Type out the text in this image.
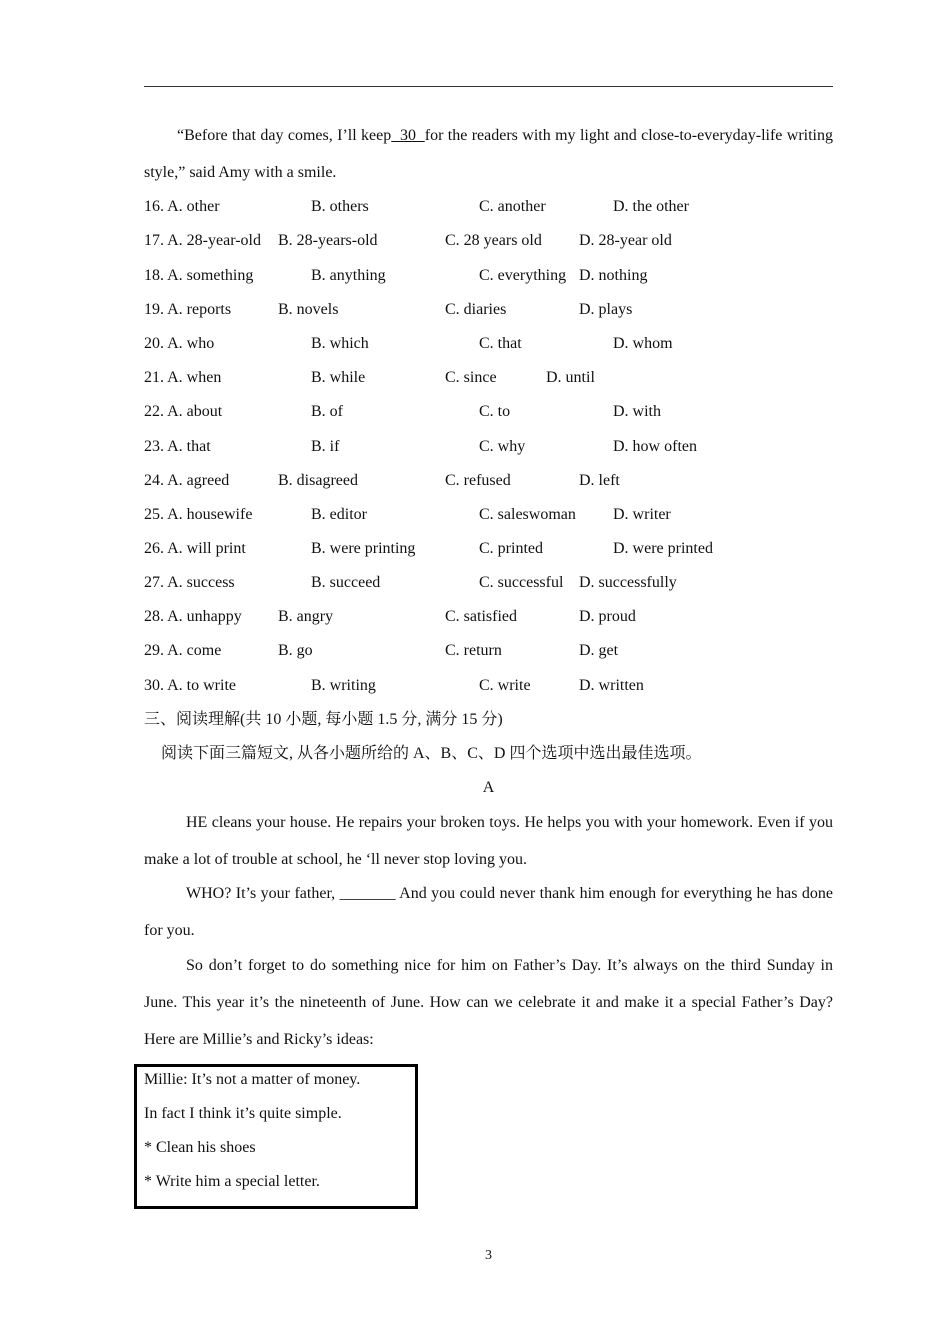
“Before that day comes, I’ll keep  30  for the readers with my light and close-to-everyday-life writing style,” said Amy with a smile.

16. A. other	B. others	C. another	D. the other
17. A. 28-year-old B. 28-years-old	C. 28 years old D. 28-year old
18. A. something	B. anything	C. everything D. nothing
19. A. reports	B. novels	C. diaries	D. plays
20. A. who	B. which	C. that	D. whom
21. A. when	B. while	C. since	D. until
22. A. about	B. of	C. to	D. with
23. A. that	B. if	C. why	D. how often
24. A. agreed	B. disagreed	C. refused	D. left
25. A. housewife	B. editor	C. saleswoman D. writer
26. A. will print	B. were printing	C. printed	D. were printed
27. A. success	B. succeed	C. successful D. successfully
28. A. unhappy B. angry	C. satisfied	D. proud
29. A. come	B. go	C. return	D. get
30. A. to write	B. writing	C. write	D. written
三、阅读理解(共 10 小题, 每小题 1.5 分, 满分 15 分)
阅读下面三篇短文, 从各小题所给的 A、B、C、D 四个选项中选出最佳选项。
A

HE cleans your house. He repairs your broken toys. He helps you with your homework. Even if you make a lot of trouble at school, he ‘ll never stop loving you.

WHO? It’s your father, _______ And you could never thank him enough for everything he has done for you.

So don’t forget to do something nice for him on Father’s Day. It’s always on the third Sunday in June. This year it’s the nineteenth of June. How can we celebrate it and make it a special Father’s Day? Here are Millie’s and Ricky’s ideas:

Millie: It’s not a matter of money.
In fact I think it’s quite simple.
* Clean his shoes
* Write him a special letter.
3
